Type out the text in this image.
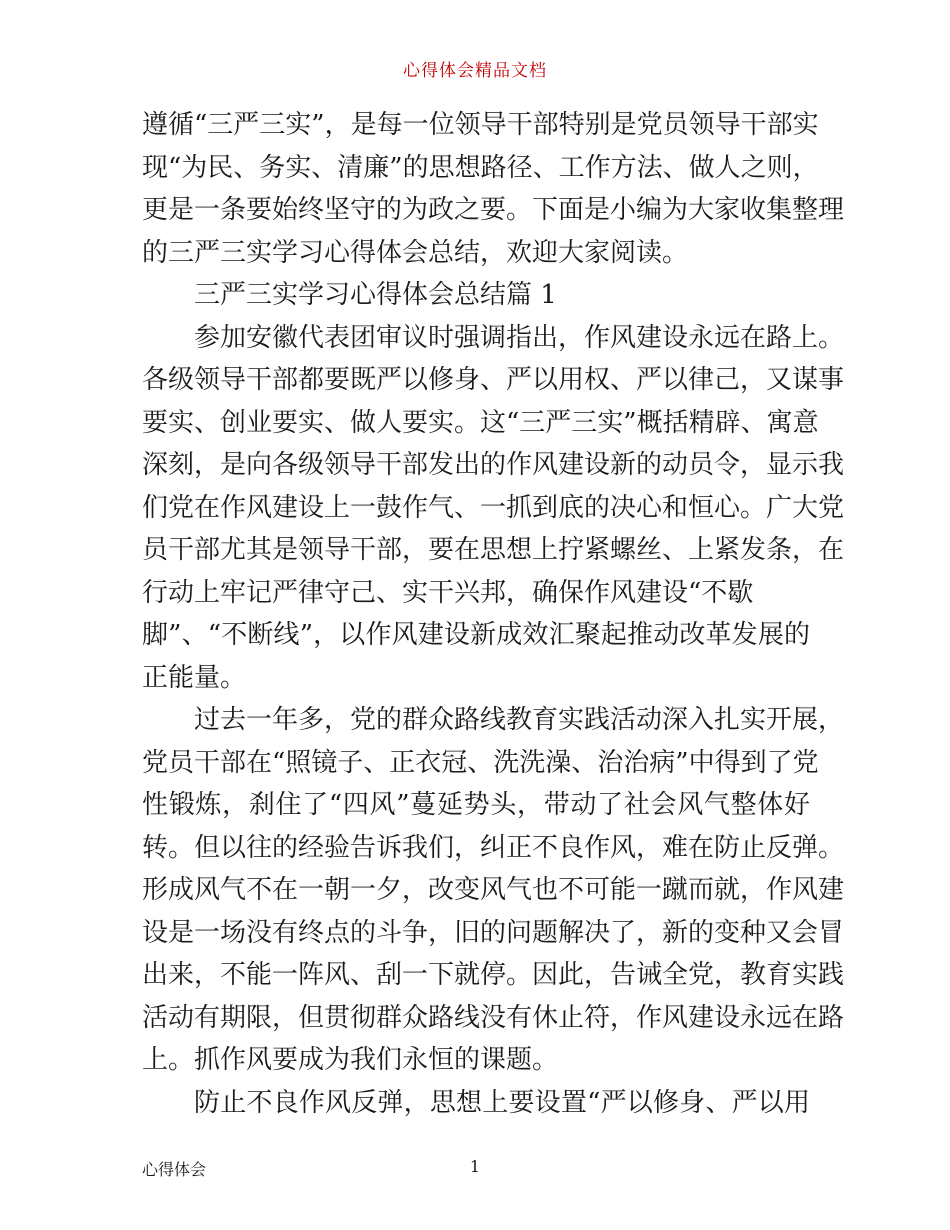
心得体会精品文档
遵循“三严三实”，是每一位领导干部特别是党员领导干部实
现“为民、务实、清廉”的思想路径、工作方法、做人之则，
更是一条要始终坚守的为政之要。下面是小编为大家收集整理
的三严三实学习心得体会总结，欢迎大家阅读。
三严三实学习心得体会总结篇 1
参加安徽代表团审议时强调指出，作风建设永远在路上。
各级领导干部都要既严以修身、严以用权、严以律己，又谋事
要实、创业要实、做人要实。这“三严三实”概括精辟、寓意
深刻，是向各级领导干部发出的作风建设新的动员令，显示我
们党在作风建设上一鼓作气、一抓到底的决心和恒心。广大党
员干部尤其是领导干部，要在思想上拧紧螺丝、上紧发条，在
行动上牢记严律守己、实干兴邦，确保作风建设“不歇
脚”、“不断线”，以作风建设新成效汇聚起推动改革发展的
正能量。
过去一年多，党的群众路线教育实践活动深入扎实开展，
党员干部在“照镜子、正衣冠、洗洗澡、治治病”中得到了党
性锻炼，刹住了“四风”蔓延势头，带动了社会风气整体好
转。但以往的经验告诉我们，纠正不良作风，难在防止反弹。
形成风气不在一朝一夕，改变风气也不可能一蹴而就，作风建
设是一场没有终点的斗争，旧的问题解决了，新的变种又会冒
出来，不能一阵风、刮一下就停。因此，告诫全党，教育实践
活动有期限，但贯彻群众路线没有休止符，作风建设永远在路
上。抓作风要成为我们永恒的课题。
防止不良作风反弹，思想上要设置“严以修身、严以用
心得体会	1
